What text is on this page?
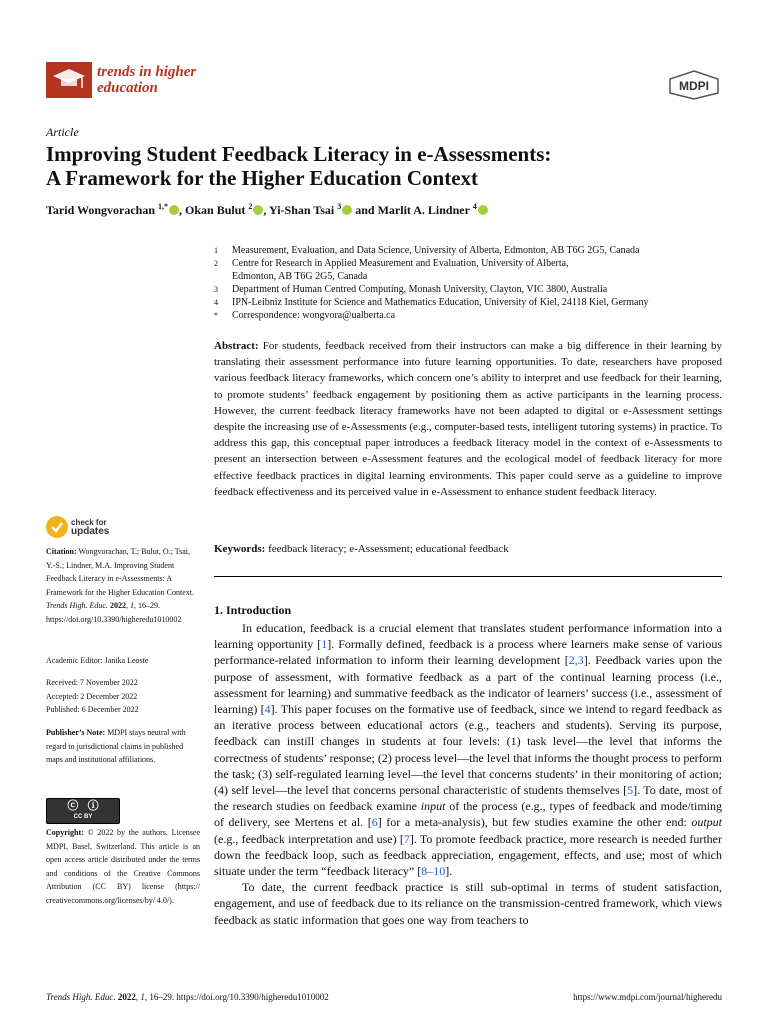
trends in higher
education	MDPI
Article
Improving Student Feedback Literacy in e-Assessments:
A Framework for the Higher Education Context
Tarid Wongvorachan $^{1,*}$ , Okan Bulut $^2$ , Yi-Shan Tsai $^3$ and Marlit A. Lindner $^4$
1	Measurement, Evaluation, and Data Science, University of Alberta, Edmonton, AB T6G 2G5, Canada
2	Centre for Research in Applied Measurement and Evaluation, University of Alberta,
Edmonton, AB T6G 2G5, Canada
3	Department of Human Centred Computing, Monash University, Clayton, VIC 3800, Australia
4	IPN-Leibniz Institute for Science and Mathematics Education, University of Kiel, 24118 Kiel, Germany
*	Correspondence: wongvora@ualberta.ca
Abstract: For students, feedback received from their instructors can make a big difference in their learning by translating their assessment performance into future learning opportunities. To date, researchers have proposed various feedback literacy frameworks, which concern one’s ability to interpret and use feedback for their learning, to promote students’ feedback engagement by positioning them as active participants in the learning process. However, the current feedback literacy frameworks have not been adapted to digital or e-Assessment settings despite the increasing use of e-Assessments (e.g., computer-based tests, intelligent tutoring systems) in practice. To address this gap, this conceptual paper introduces a feedback literacy model in the context of e-Assessments to present an intersection between e-Assessment features and the ecological model of feedback literacy for more effective feedback practices in digital learning environments. This paper could serve as a guideline to improve feedback effectiveness and its perceived value in e-Assessment to enhance student feedback literacy.
Keywords: feedback literacy; e-Assessment; educational feedback
1. Introduction

In education, feedback is a crucial element that translates student performance information into a learning opportunity [1]. Formally defined, feedback is a process where learners make sense of various performance-related information to inform their learning development [2,3]. Feedback varies upon the purpose of assessment, with formative feedback as a part of the continual learning process (i.e., assessment for learning) and summative feedback as the indicator of learners’ success (i.e., assessment of learning) [4]. This paper focuses on the formative use of feedback, since we intend to regard feedback as an iterative process between educational actors (e.g., teachers and students). Serving its purpose, feedback can instill changes in students at four levels: (1) task level—the level that informs the correctness of students’ response; (2) process level—the level that informs the thought process to perform the task; (3) self-regulated learning level—the level that concerns students’ in their monitoring of action; (4) self level—the level that concerns personal characteristic of students themselves [5]. To date, most of the research studies on feedback examine input of the process (e.g., types of feedback and mode/timing of delivery, see Mertens et al. [6] for a meta-analysis), but few studies examine the other end: output (e.g., feedback interpretation and use) [7]. To promote feedback practice, more research is needed further down the feedback loop, such as feedback appreciation, engagement, effects, and use; most of which situate under the term “feedback literacy” [8–10].

To date, the current feedback practice is still sub-optimal in terms of student satisfaction, engagement, and use of feedback due to its reliance on the transmission-centred framework, which views feedback as static information that goes one way from teachers to

check for
updates
Citation: Wongvorachan, T.; Bulut, O.; Tsai, Y.-S.; Lindner, M.A. Improving Student Feedback Literacy in e-Assessments: A Framework for the Higher Education Context. Trends High. Educ. 2022, 1, 16–29. https://doi.org/10.3390/higheredu1010002
Academic Editor: Janika Leoste
Received: 7 November 2022
Accepted: 2 December 2022
Published: 6 December 2022
Publisher’s Note: MDPI stays neutral with regard to jurisdictional claims in published maps and institutional affiliations.
ⓒ   ⓘ
CC BY
Copyright: © 2022 by the authors. Licensee MDPI, Basel, Switzerland. This article is an open access article distributed under the terms and conditions of the Creative Commons Attribution (CC BY) license (https:// creativecommons.org/licenses/by/ 4.0/).
Trends High. Educ. 2022, 1, 16–29. https://doi.org/10.3390/higheredu1010002	https://www.mdpi.com/journal/higheredu
